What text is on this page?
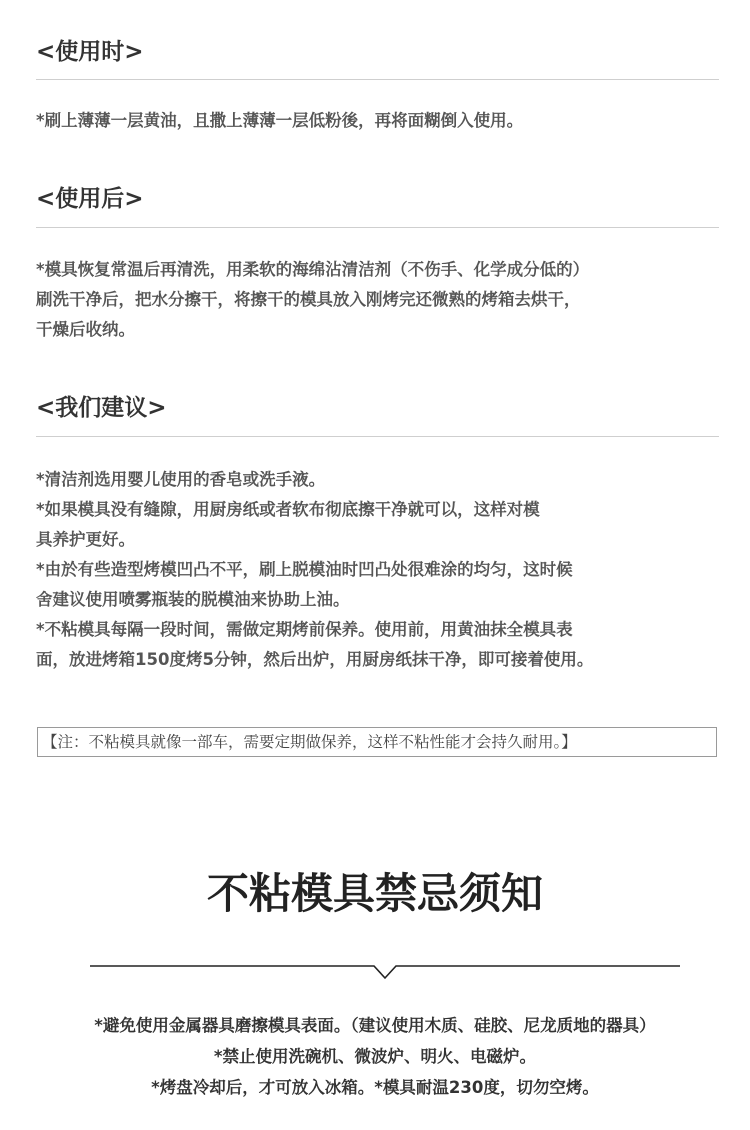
<使用时>

*刷上薄薄一层黄油，且撒上薄薄一层低粉後，再将面糊倒入使用。

<使用后>

*模具恢复常温后再清洗，用柔软的海绵沾清洁剂（不伤手、化学成分低的）

刷洗干净后，把水分擦干，将擦干的模具放入刚烤完还微熟的烤箱去烘干，

干燥后收纳。

<我们建议>

*清洁剂选用婴儿使用的香皂或洗手液。

*如果模具没有缝隙，用厨房纸或者软布彻底擦干净就可以，这样对模

具养护更好。

*由於有些造型烤模凹凸不平，刷上脱模油时凹凸处很难涂的均匀，这时候

舍建议使用喷雾瓶装的脱模油来协助上油。

*不粘模具每隔一段时间，需做定期烤前保养。使用前，用黄油抹全模具表

面，放进烤箱150度烤5分钟，然后出炉，用厨房纸抹干净，即可接着使用。

【注：不粘模具就像一部车，需要定期做保养，这样不粘性能才会持久耐用。】
不粘模具禁忌须知
*避免使用金属器具磨擦模具表面。（建议使用木质、硅胶、尼龙质地的器具）
*禁止使用洗碗机、微波炉、明火、电磁炉。
*烤盘冷却后，才可放入冰箱。*模具耐温230度，切勿空烤。
